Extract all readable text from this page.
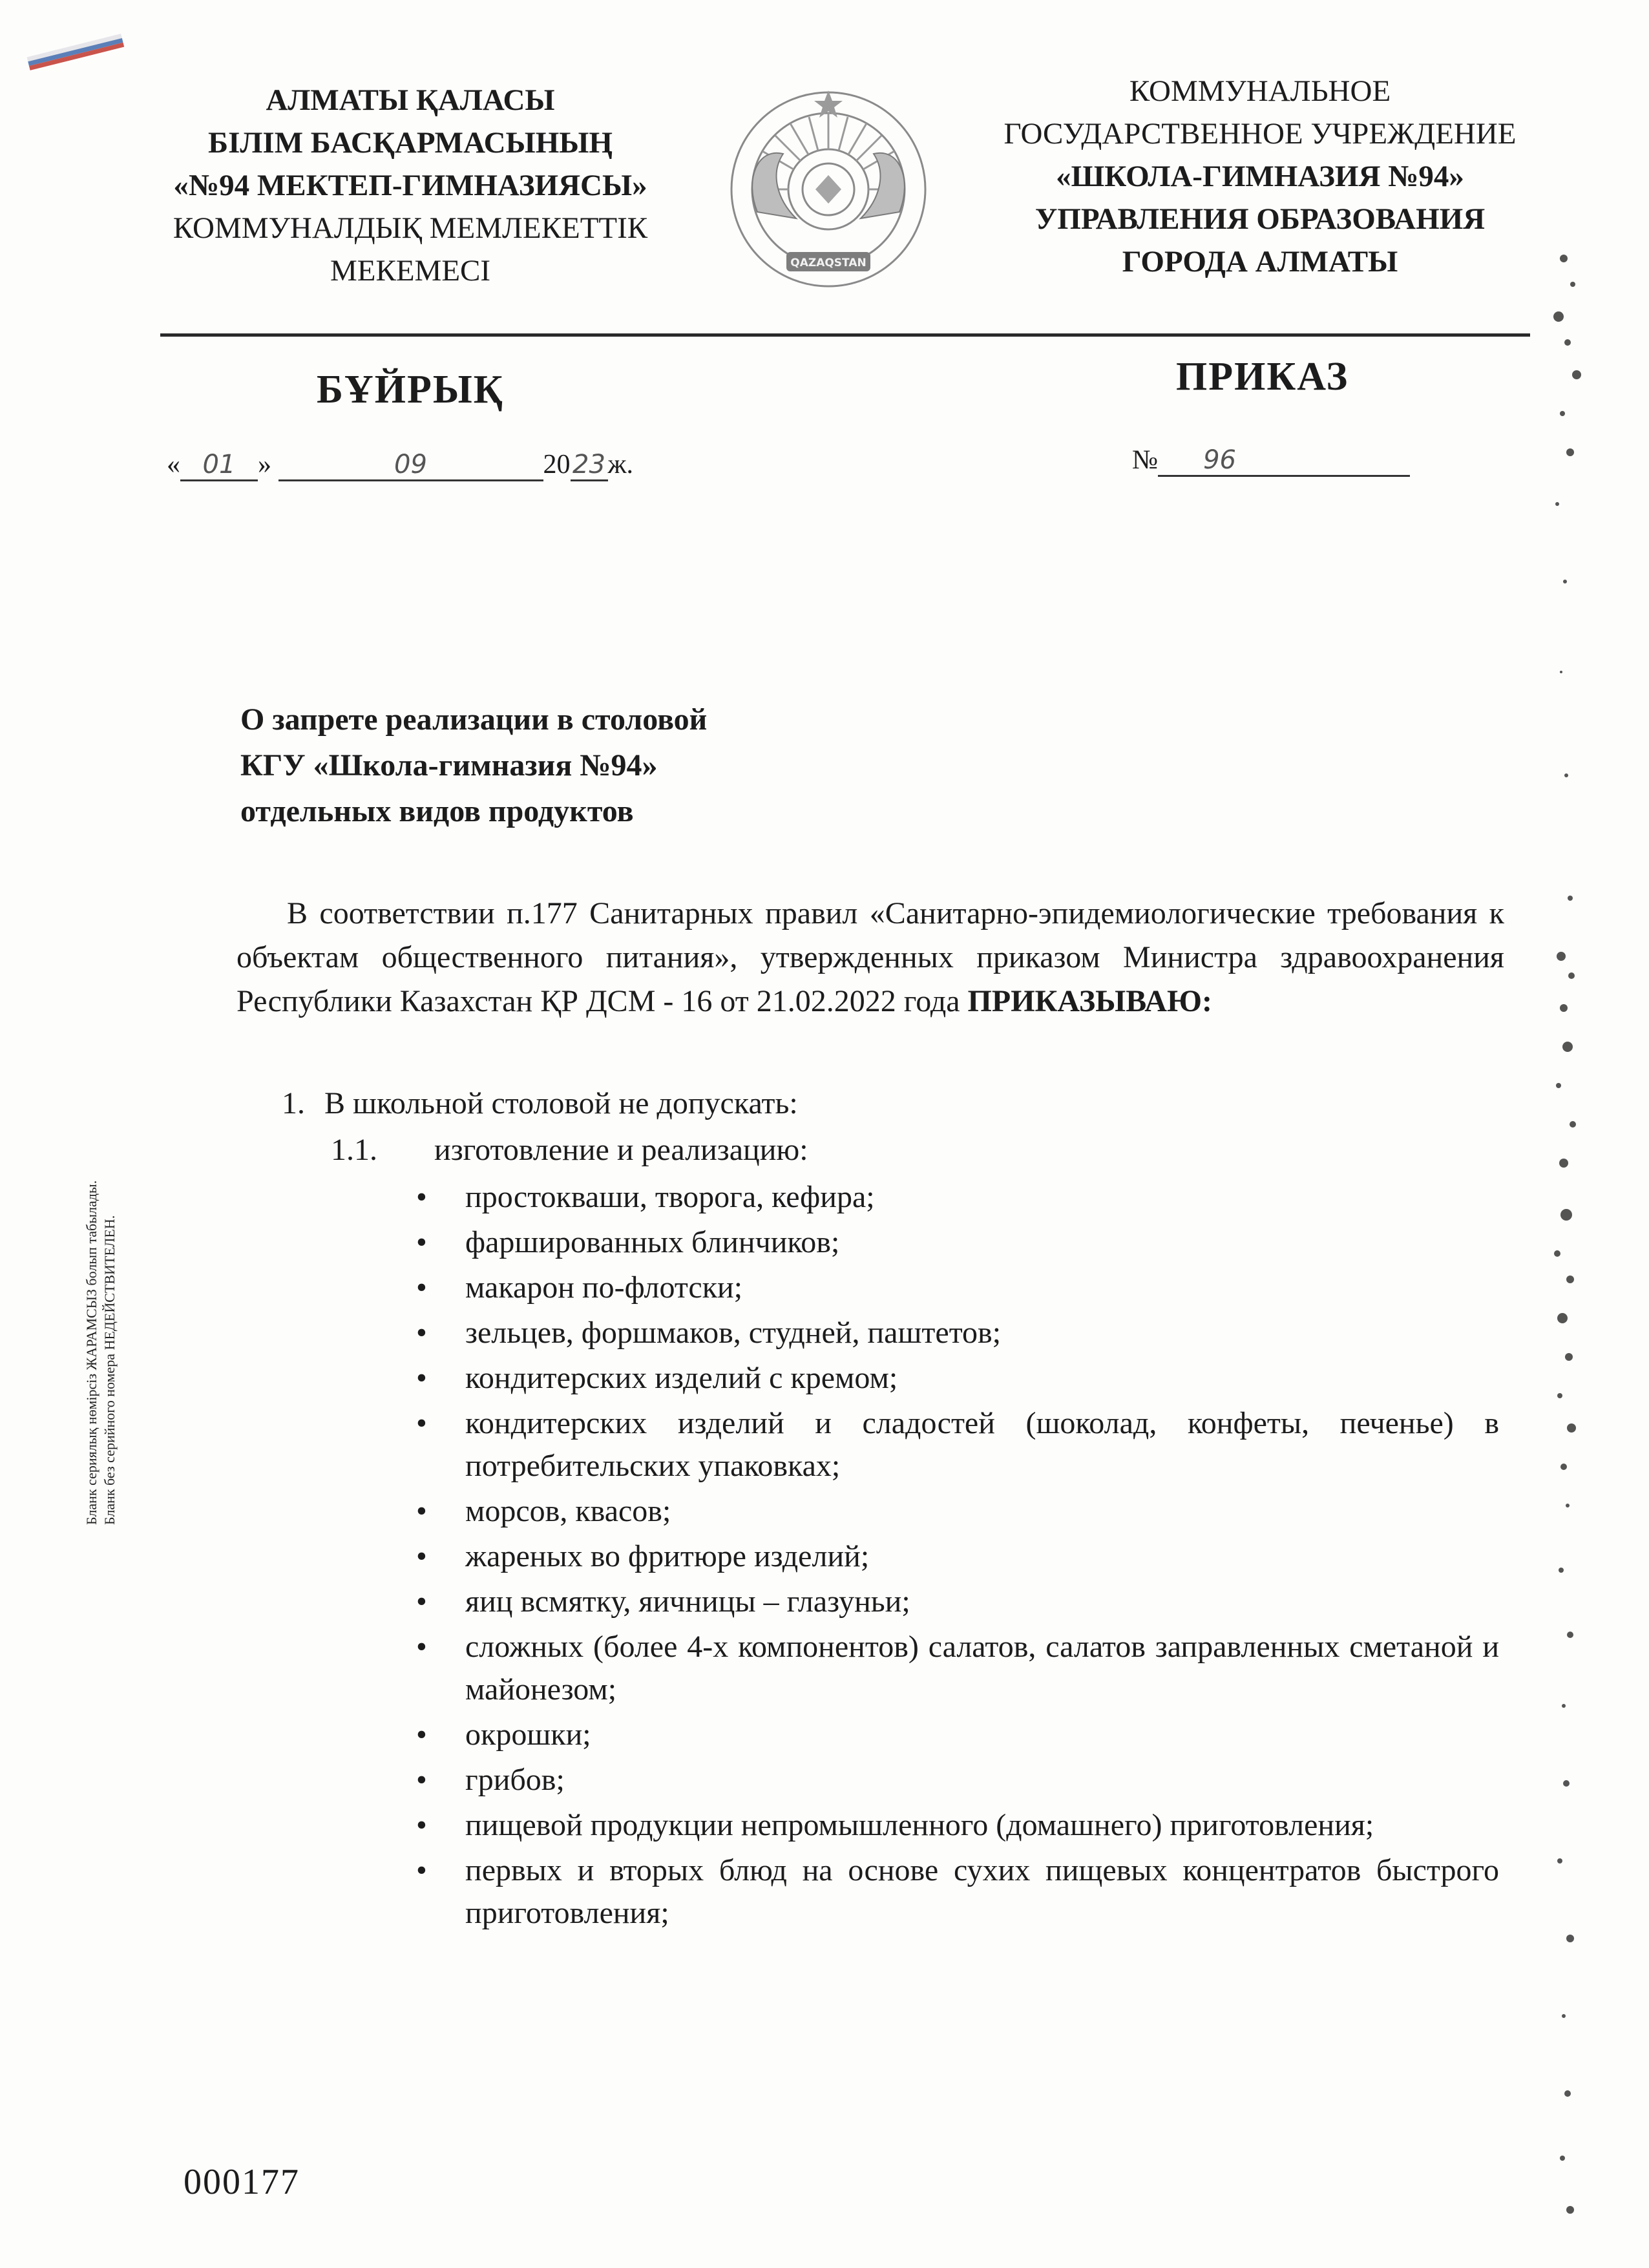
АЛМАТЫ ҚАЛАСЫ
БІЛІМ БАСҚАРМАСЫНЫҢ
«№94 МЕКТЕП-ГИМНАЗИЯСЫ»
КОММУНАЛДЫҚ МЕМЛЕКЕТТІК
МЕКЕМЕСІ	QAZAQSTAN
КОММУНАЛЬНОЕ
ГОСУДАРСТВЕННОЕ УЧРЕЖДЕНИЕ
«ШКОЛА-ГИМНАЗИЯ №94»
УПРАВЛЕНИЯ ОБРАЗОВАНИЯ
ГОРОДА АЛМАТЫ
БҰЙРЫҚ	ПРИКАЗ
« 01 »	09	2023ж.	№ 96
О запрете реализации в столовой
КГУ «Школа-гимназия №94»
отдельных видов продуктов
В соответствии п.177 Санитарных правил «Санитарно-эпидемиологические требования к объектам общественного питания», утвержденных приказом Министра здравоохранения Республики Казахстан ҚР ДСМ - 16 от 21.02.2022 года ПРИКАЗЫВАЮ:
1. В школьной столовой не допускать:
1.1. изготовление и реализацию:
• простокваши, творога, кефира;
• фаршированных блинчиков;
• макарон по-флотски;
• зельцев, форшмаков, студней, паштетов;
• кондитерских изделий с кремом;
• кондитерских изделий и сладостей (шоколад, конфеты, печенье) в потребительских упаковках;
• морсов, квасов;
• жареных во фритюре изделий;
• яиц всмятку, яичницы – глазуньи;
• сложных (более 4-х компонентов) салатов, салатов заправленных сметаной и майонезом;
• окрошки;
• грибов;
• пищевой продукции непромышленного (домашнего) приготовления;
• первых и вторых блюд на основе сухих пищевых концентратов быстрого приготовления;
Бланк сериялық нөмірсіз ЖАРАМСЫЗ болып табылады. Бланк без серийного номера НЕДЕЙСТВИТЕЛЕН.
000177
